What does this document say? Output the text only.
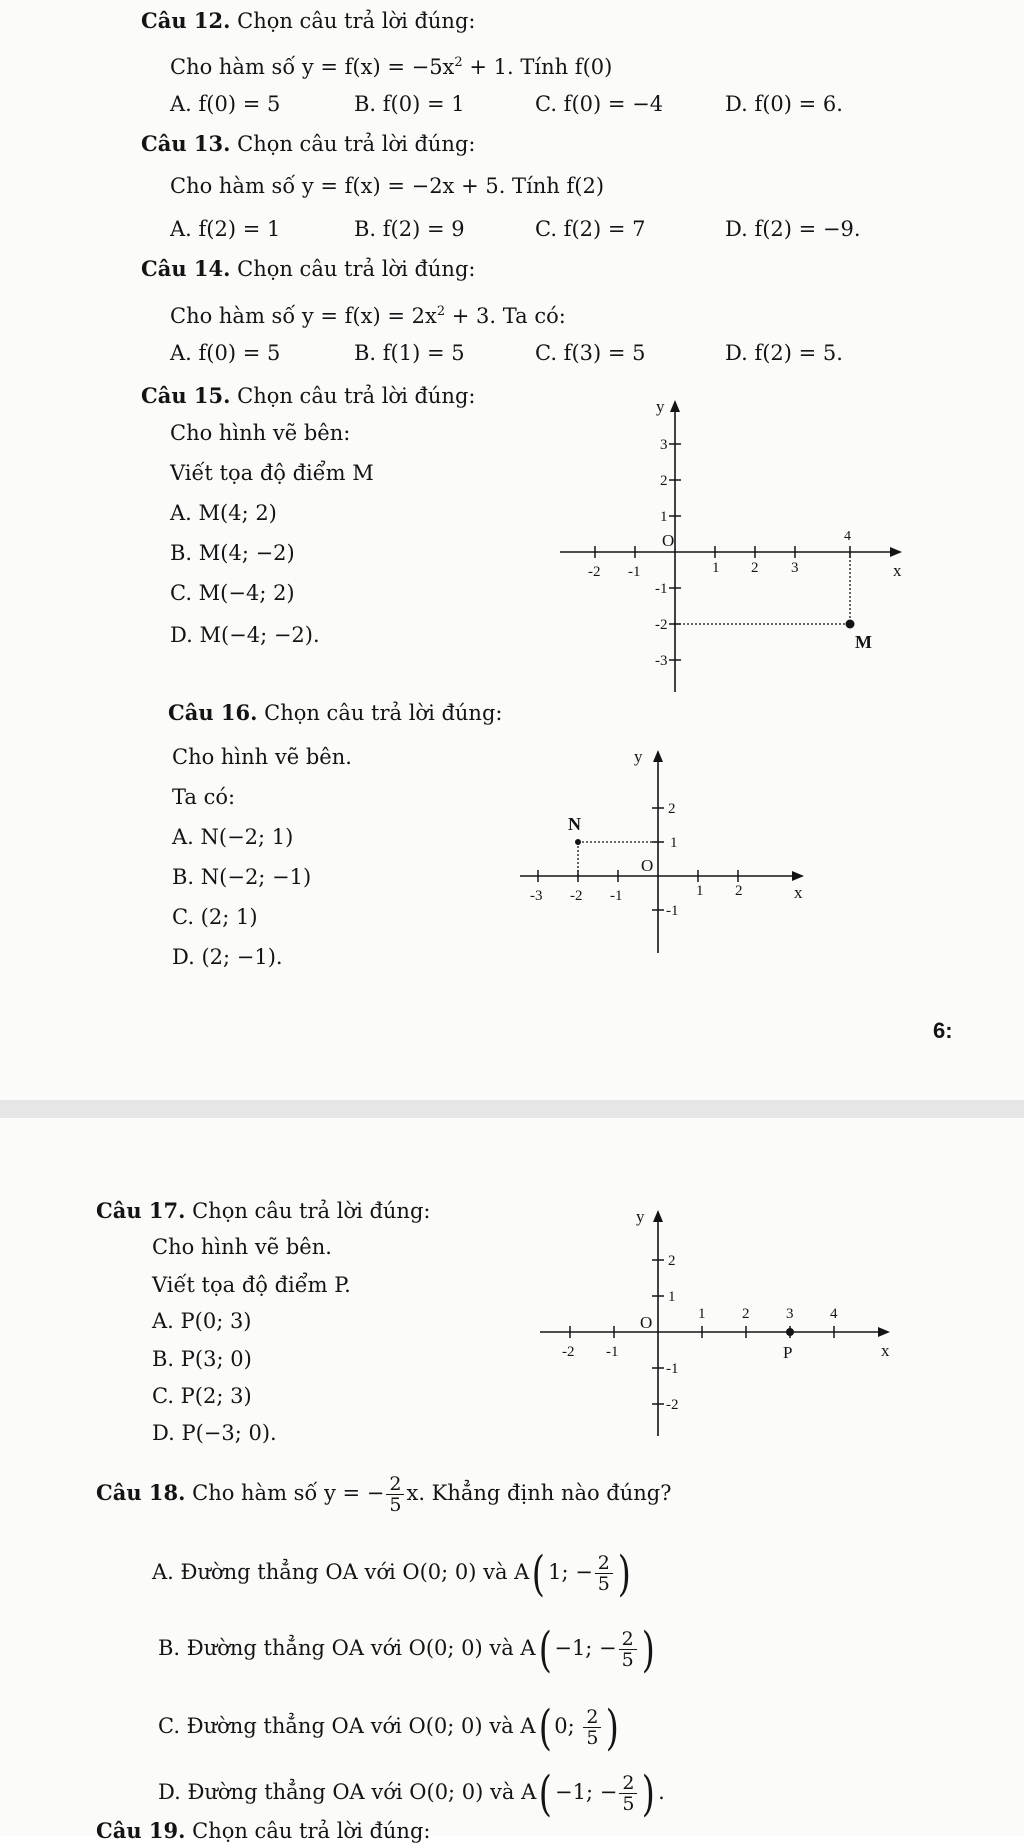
Câu 12. Chọn câu trả lời đúng:
Cho hàm số $y = f(x) = -5x^2 + 1$. Tính f(0)
A. f(0) = 5	B. f(0) = 1	C. f(0) = −4	D. f(0) = 6.
Câu 13. Chọn câu trả lời đúng:
Cho hàm số y = f(x) = −2x + 5. Tính f(2)
A. f(2) = 1	B. f(2) = 9	C. f(2) = 7	D. f(2) = −9.
Câu 14. Chọn câu trả lời đúng:
Cho hàm số $y = f(x) = 2x^2 + 3$. Ta có:
A. f(0) = 5	B. f(1) = 5	C. f(3) = 5	D. f(2) = 5.
Câu 15. Chọn câu trả lời đúng:
Cho hình vẽ bên:
Viết tọa độ điểm M
A. M(4; 2)
B. M(4; −2)
C. M(−4; 2)
D. M(−4; −2).
-2 -1	1 2 3
3
2
1
-1
-2
-3
O
x
y
4
M
Câu 16. Chọn câu trả lời đúng:
Cho hình vẽ bên.
Ta có:
A. N(−2; 1)
B. N(−2; −1)
C. (2; 1)
D. (2; −1).
-3 -2 -1	1 2
2
1
-1
O
x
y
N
6:
Câu 17. Chọn câu trả lời đúng:
Cho hình vẽ bên.
Viết tọa độ điểm P.
A. P(0; 3)
B. P(3; 0)
C. P(2; 3)
D. P(−3; 0).
-2 -1
1 2 3 4
2
1
-1
-2
O
x
y
P
Câu 18. Cho hàm số y = − $\frac{2}{5} x$. Khẳng định nào đúng?
A. Đường thẳng OA với O(0; 0) và A( 1; − $\frac{2}{5}$ )
B. Đường thẳng OA với O(0; 0) và A( −1; − $\frac{2}{5}$ )
C. Đường thẳng OA với O(0; 0) và A( 0; $\frac{2}{5}$ )
D. Đường thẳng OA với O(0; 0) và A( −1; − $\frac{2}{5}$ ) .
Câu 19. Chọn câu trả lời đúng:
